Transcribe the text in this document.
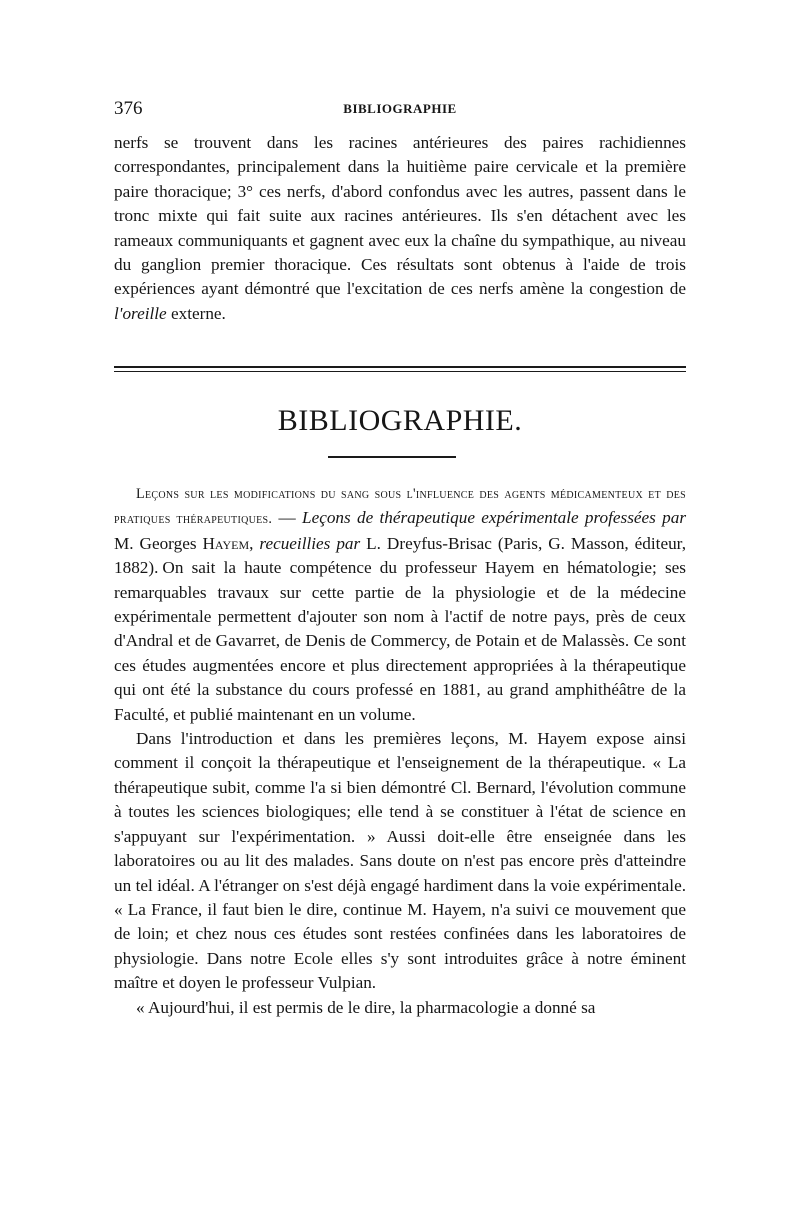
376	BIBLIOGRAPHIE

nerfs se trouvent dans les racines antérieures des paires rachidiennes correspondantes, principalement dans la huitième paire cervicale et la première paire thoracique; 3° ces nerfs, d'abord confondus avec les autres, passent dans le tronc mixte qui fait suite aux racines antérieures. Ils s'en détachent avec les rameaux communiquants et gagnent avec eux la chaîne du sympathique, au niveau du ganglion premier thoracique. Ces résultats sont obtenus à l'aide de trois expériences ayant démontré que l'excitation de ces nerfs amène la congestion de l'oreille externe.

BIBLIOGRAPHIE.

Leçons sur les modifications du sang sous l'influence des agents médicamenteux et des pratiques thérapeutiques. — Leçons de thérapeutique expérimentale professées par M. Georges Hayem, recueillies par L. Dreyfus-Brisac (Paris, G. Masson, éditeur, 1882). On sait la haute compétence du professeur Hayem en hématologie; ses remarquables travaux sur cette partie de la physiologie et de la médecine expérimentale permettent d'ajouter son nom à l'actif de notre pays, près de ceux d'Andral et de Gavarret, de Denis de Commercy, de Potain et de Malassès. Ce sont ces études augmentées encore et plus directement appropriées à la thérapeutique qui ont été la substance du cours professé en 1881, au grand amphithéâtre de la Faculté, et publié maintenant en un volume.

Dans l'introduction et dans les premières leçons, M. Hayem expose ainsi comment il conçoit la thérapeutique et l'enseignement de la thérapeutique. « La thérapeutique subit, comme l'a si bien démontré Cl. Bernard, l'évolution commune à toutes les sciences biologiques; elle tend à se constituer à l'état de science en s'appuyant sur l'expérimentation. » Aussi doit-elle être enseignée dans les laboratoires ou au lit des malades. Sans doute on n'est pas encore près d'atteindre un tel idéal. A l'étranger on s'est déjà engagé hardiment dans la voie expérimentale. « La France, il faut bien le dire, continue M. Hayem, n'a suivi ce mouvement que de loin; et chez nous ces études sont restées confinées dans les laboratoires de physiologie. Dans notre Ecole elles s'y sont introduites grâce à notre éminent maître et doyen le professeur Vulpian.

« Aujourd'hui, il est permis de le dire, la pharmacologie a donné sa
